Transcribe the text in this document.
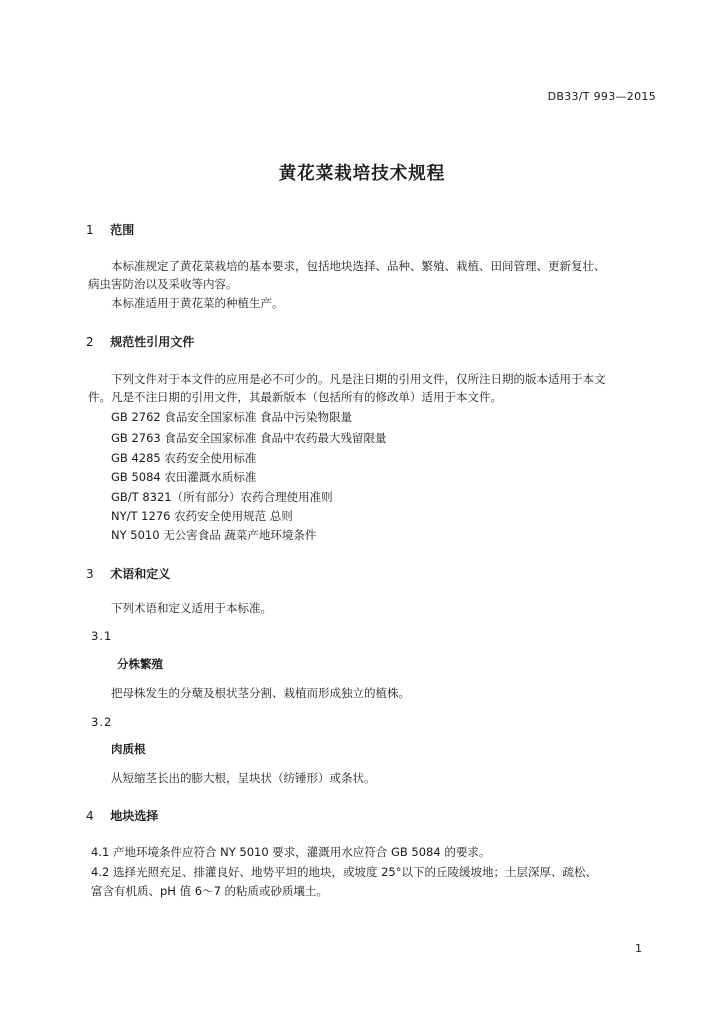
DB33/T 993—2015
黄花菜栽培技术规程
1 范围
本标准规定了黄花菜栽培的基本要求，包括地块选择、品种、繁殖、栽植、田间管理、更新复壮、
病虫害防治以及采收等内容。
本标准适用于黄花菜的种植生产。
2 规范性引用文件
下列文件对于本文件的应用是必不可少的。凡是注日期的引用文件，仅所注日期的版本适用于本文
件。凡是不注日期的引用文件，其最新版本（包括所有的修改单）适用于本文件。
GB 2762 食品安全国家标准 食品中污染物限量
GB 2763 食品安全国家标准 食品中农药最大残留限量
GB 4285 农药安全使用标准
GB 5084 农田灌溉水质标准
GB/T 8321（所有部分）农药合理使用准则
NY/T 1276 农药安全使用规范 总则
NY 5010 无公害食品 蔬菜产地环境条件
3 术语和定义
下列术语和定义适用于本标准。
3.1
分株繁殖
把母株发生的分蘖及根状茎分割、栽植而形成独立的植株。
3.2
肉质根
从短缩茎长出的膨大根，呈块状（纺锤形）或条状。
4 地块选择
4.1 产地环境条件应符合 NY 5010 要求，灌溉用水应符合 GB 5084 的要求。
4.2 选择光照充足、排灌良好、地势平坦的地块，或坡度 25°以下的丘陵缓坡地；土层深厚、疏松、
富含有机质、pH 值 6～7 的粘质或砂质壤土。
1
